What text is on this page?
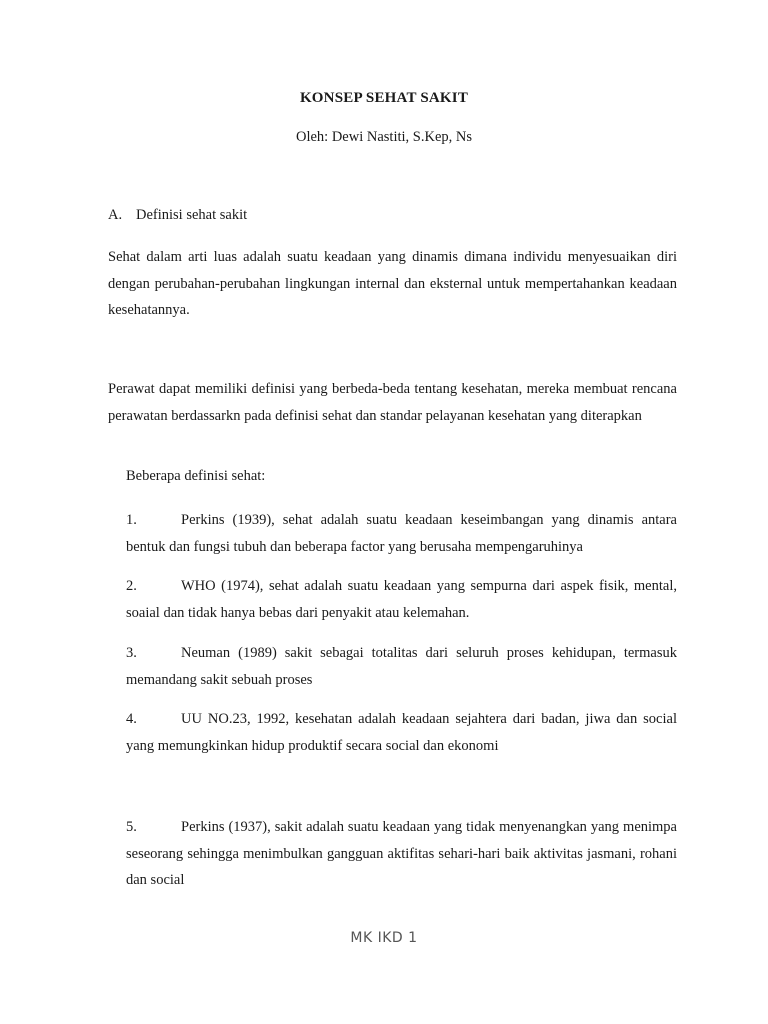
KONSEP SEHAT SAKIT
Oleh: Dewi Nastiti, S.Kep, Ns
A. Definisi sehat sakit

Sehat dalam arti luas adalah suatu keadaan yang dinamis dimana individu menyesuaikan diri dengan perubahan-perubahan lingkungan internal dan eksternal untuk mempertahankan keadaan kesehatannya.

Perawat dapat memiliki definisi yang berbeda-beda tentang kesehatan, mereka membuat rencana perawatan berdassarkn pada definisi sehat dan standar pelayanan kesehatan yang diterapkan

Beberapa definisi sehat:

1.	Perkins (1939), sehat adalah suatu keadaan keseimbangan yang dinamis antara bentuk dan fungsi tubuh dan beberapa factor yang berusaha mempengaruhinya

2.	WHO (1974), sehat adalah suatu keadaan yang sempurna dari aspek fisik, mental, soaial dan tidak hanya bebas dari penyakit atau kelemahan.

3.	Neuman (1989) sakit sebagai totalitas dari seluruh proses kehidupan, termasuk memandang sakit sebuah proses

4.	UU NO.23, 1992, kesehatan adalah keadaan sejahtera dari badan, jiwa dan social yang memungkinkan hidup produktif secara social dan ekonomi

5.	Perkins (1937), sakit adalah suatu keadaan yang tidak menyenangkan yang menimpa seseorang sehingga menimbulkan gangguan aktifitas sehari-hari baik aktivitas jasmani, rohani dan social

MK IKD 1
